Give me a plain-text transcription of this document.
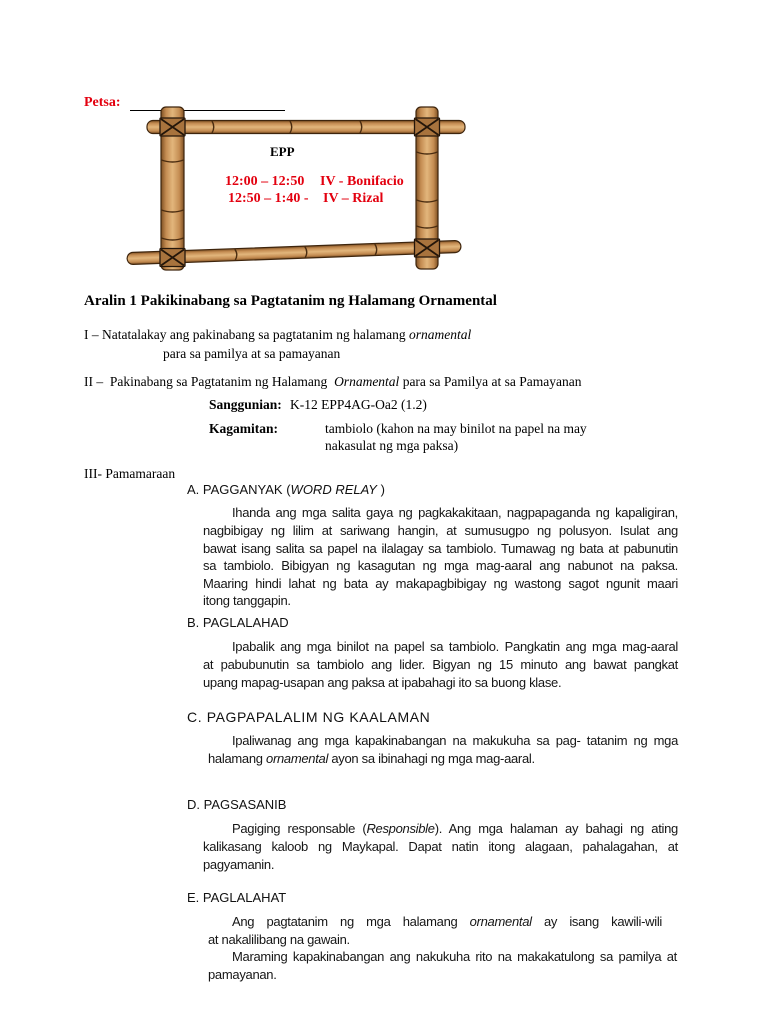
Petsa:
EPP
12:00 – 12:50 IV - Bonifacio
12:50 – 1:40 - IV – Rizal
Aralin 1 Pakikinabang sa Pagtatanim ng Halamang Ornamental
I – Natatalakay ang pakinabang sa pagtatanim ng halamang ornamental
para sa pamilya at sa pamayanan
II –  Pakinabang sa Pagtatanim ng Halamang  Ornamental para sa Pamilya at sa Pamayanan
Sanggunian: K-12 EPP4AG-Oa2 (1.2)
Kagamitan:	tambiolo (kahon na may binilot na papel na may
nakasulat ng mga paksa)
III- Pamamaraan
A. PAGGANYAK (WORD RELAY )
Ihanda ang mga salita gaya ng pagkakakitaan, nagpapaganda ng kapaligiran,
nagbibigay ng lilim at sariwang hangin, at sumusugpo ng polusyon. Isulat ang
bawat isang salita sa papel na ilalagay sa tambiolo. Tumawag ng bata at pabunutin
sa tambiolo. Bibigyan ng kasagutan ng mga mag-aaral ang nabunot na paksa.
Maaring hindi lahat ng bata ay makapagbibigay ng wastong sagot ngunit maari
itong tanggapin.
B. PAGLALAHAD
Ipabalik ang mga binilot na papel sa tambiolo. Pangkatin ang mga mag-aaral
at pabubunutin sa tambiolo ang lider. Bigyan ng 15 minuto ang bawat pangkat
upang mapag-usapan ang paksa at ipabahagi ito sa buong klase.
C. PAGPAPALALIM NG KAALAMAN
Ipaliwanag ang mga kapakinabangan na makukuha sa pag- tatanim ng mga
halamang ornamental ayon sa ibinahagi ng mga mag-aaral.
D. PAGSASANIB
Pagiging responsable (Responsible). Ang mga halaman ay bahagi ng ating
kalikasang kaloob ng Maykapal. Dapat natin itong alagaan, pahalagahan, at
pagyamanin.
E. PAGLALAHAT
Ang pagtatanim ng mga halamang ornamental ay isang kawili-wili
at nakalilibang na gawain.
Maraming kapakinabangan ang nakukuha rito na makakatulong sa pamilya at
pamayanan.
